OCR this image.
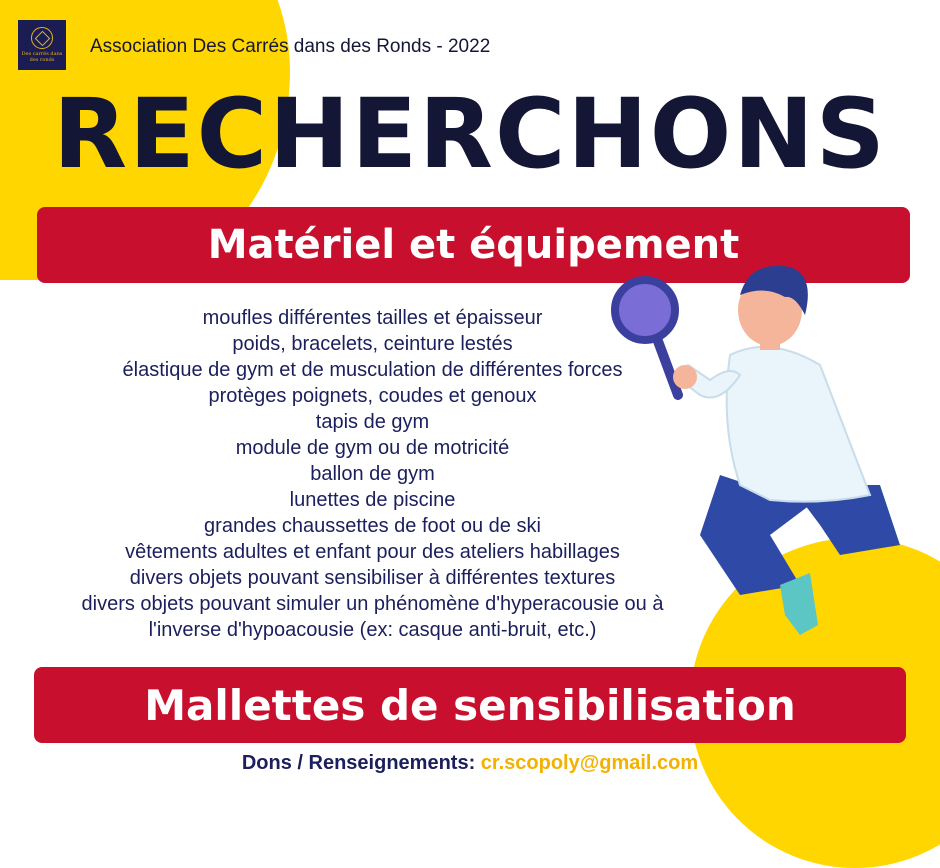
Des carrés dans des ronds
Association Des Carrés dans des Ronds - 2022
RECHERCHONS
Matériel et équipement
moufles différentes tailles et épaisseur
poids, bracelets, ceinture lestés
élastique de gym et de musculation de différentes forces
protèges poignets, coudes et genoux
tapis de gym
module de gym ou de motricité
ballon de gym
lunettes de piscine
grandes chaussettes de foot ou de ski
vêtements adultes et enfant pour des ateliers habillages
divers objets pouvant sensibiliser à différentes textures
divers objets pouvant simuler un phénomène d'hyperacousie ou à
l'inverse d'hypoacousie (ex: casque anti-bruit, etc.)
Mallettes de sensibilisation
Dons / Renseignements: cr.scopoly@gmail.com
